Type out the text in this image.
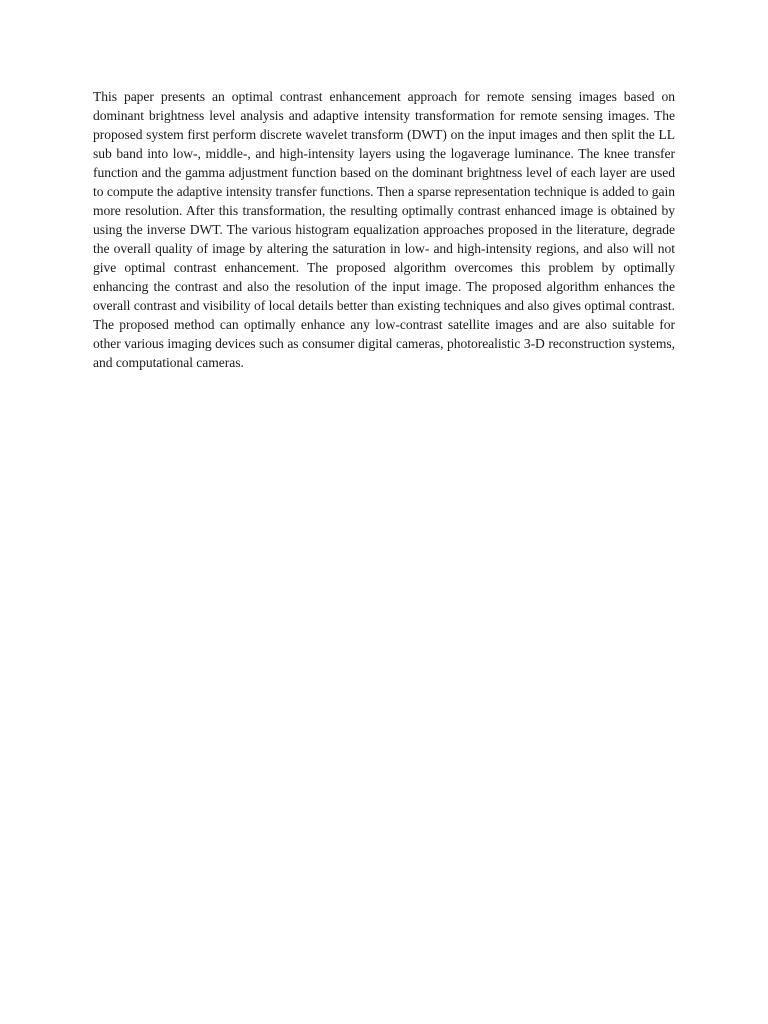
This paper presents an optimal contrast enhancement approach for remote sensing images based on dominant brightness level analysis and adaptive intensity transformation for remote sensing images. The proposed system first perform discrete wavelet transform (DWT) on the input images and then split the LL sub band into low-, middle-, and high-intensity layers using the logaverage luminance. The knee transfer function and the gamma adjustment function based on the dominant brightness level of each layer are used to compute the adaptive intensity transfer functions. Then a sparse representation technique is added to gain more resolution. After this transformation, the resulting optimally contrast enhanced image is obtained by using the inverse DWT. The various histogram equalization approaches proposed in the literature, degrade the overall quality of image by altering the saturation in low- and high-intensity regions, and also will not give optimal contrast enhancement. The proposed algorithm overcomes this problem by optimally enhancing the contrast and also the resolution of the input image. The proposed algorithm enhances the overall contrast and visibility of local details better than existing techniques and also gives optimal contrast. The proposed method can optimally enhance any low-contrast satellite images and are also suitable for other various imaging devices such as consumer digital cameras, photorealistic 3-D reconstruction systems, and computational cameras.
